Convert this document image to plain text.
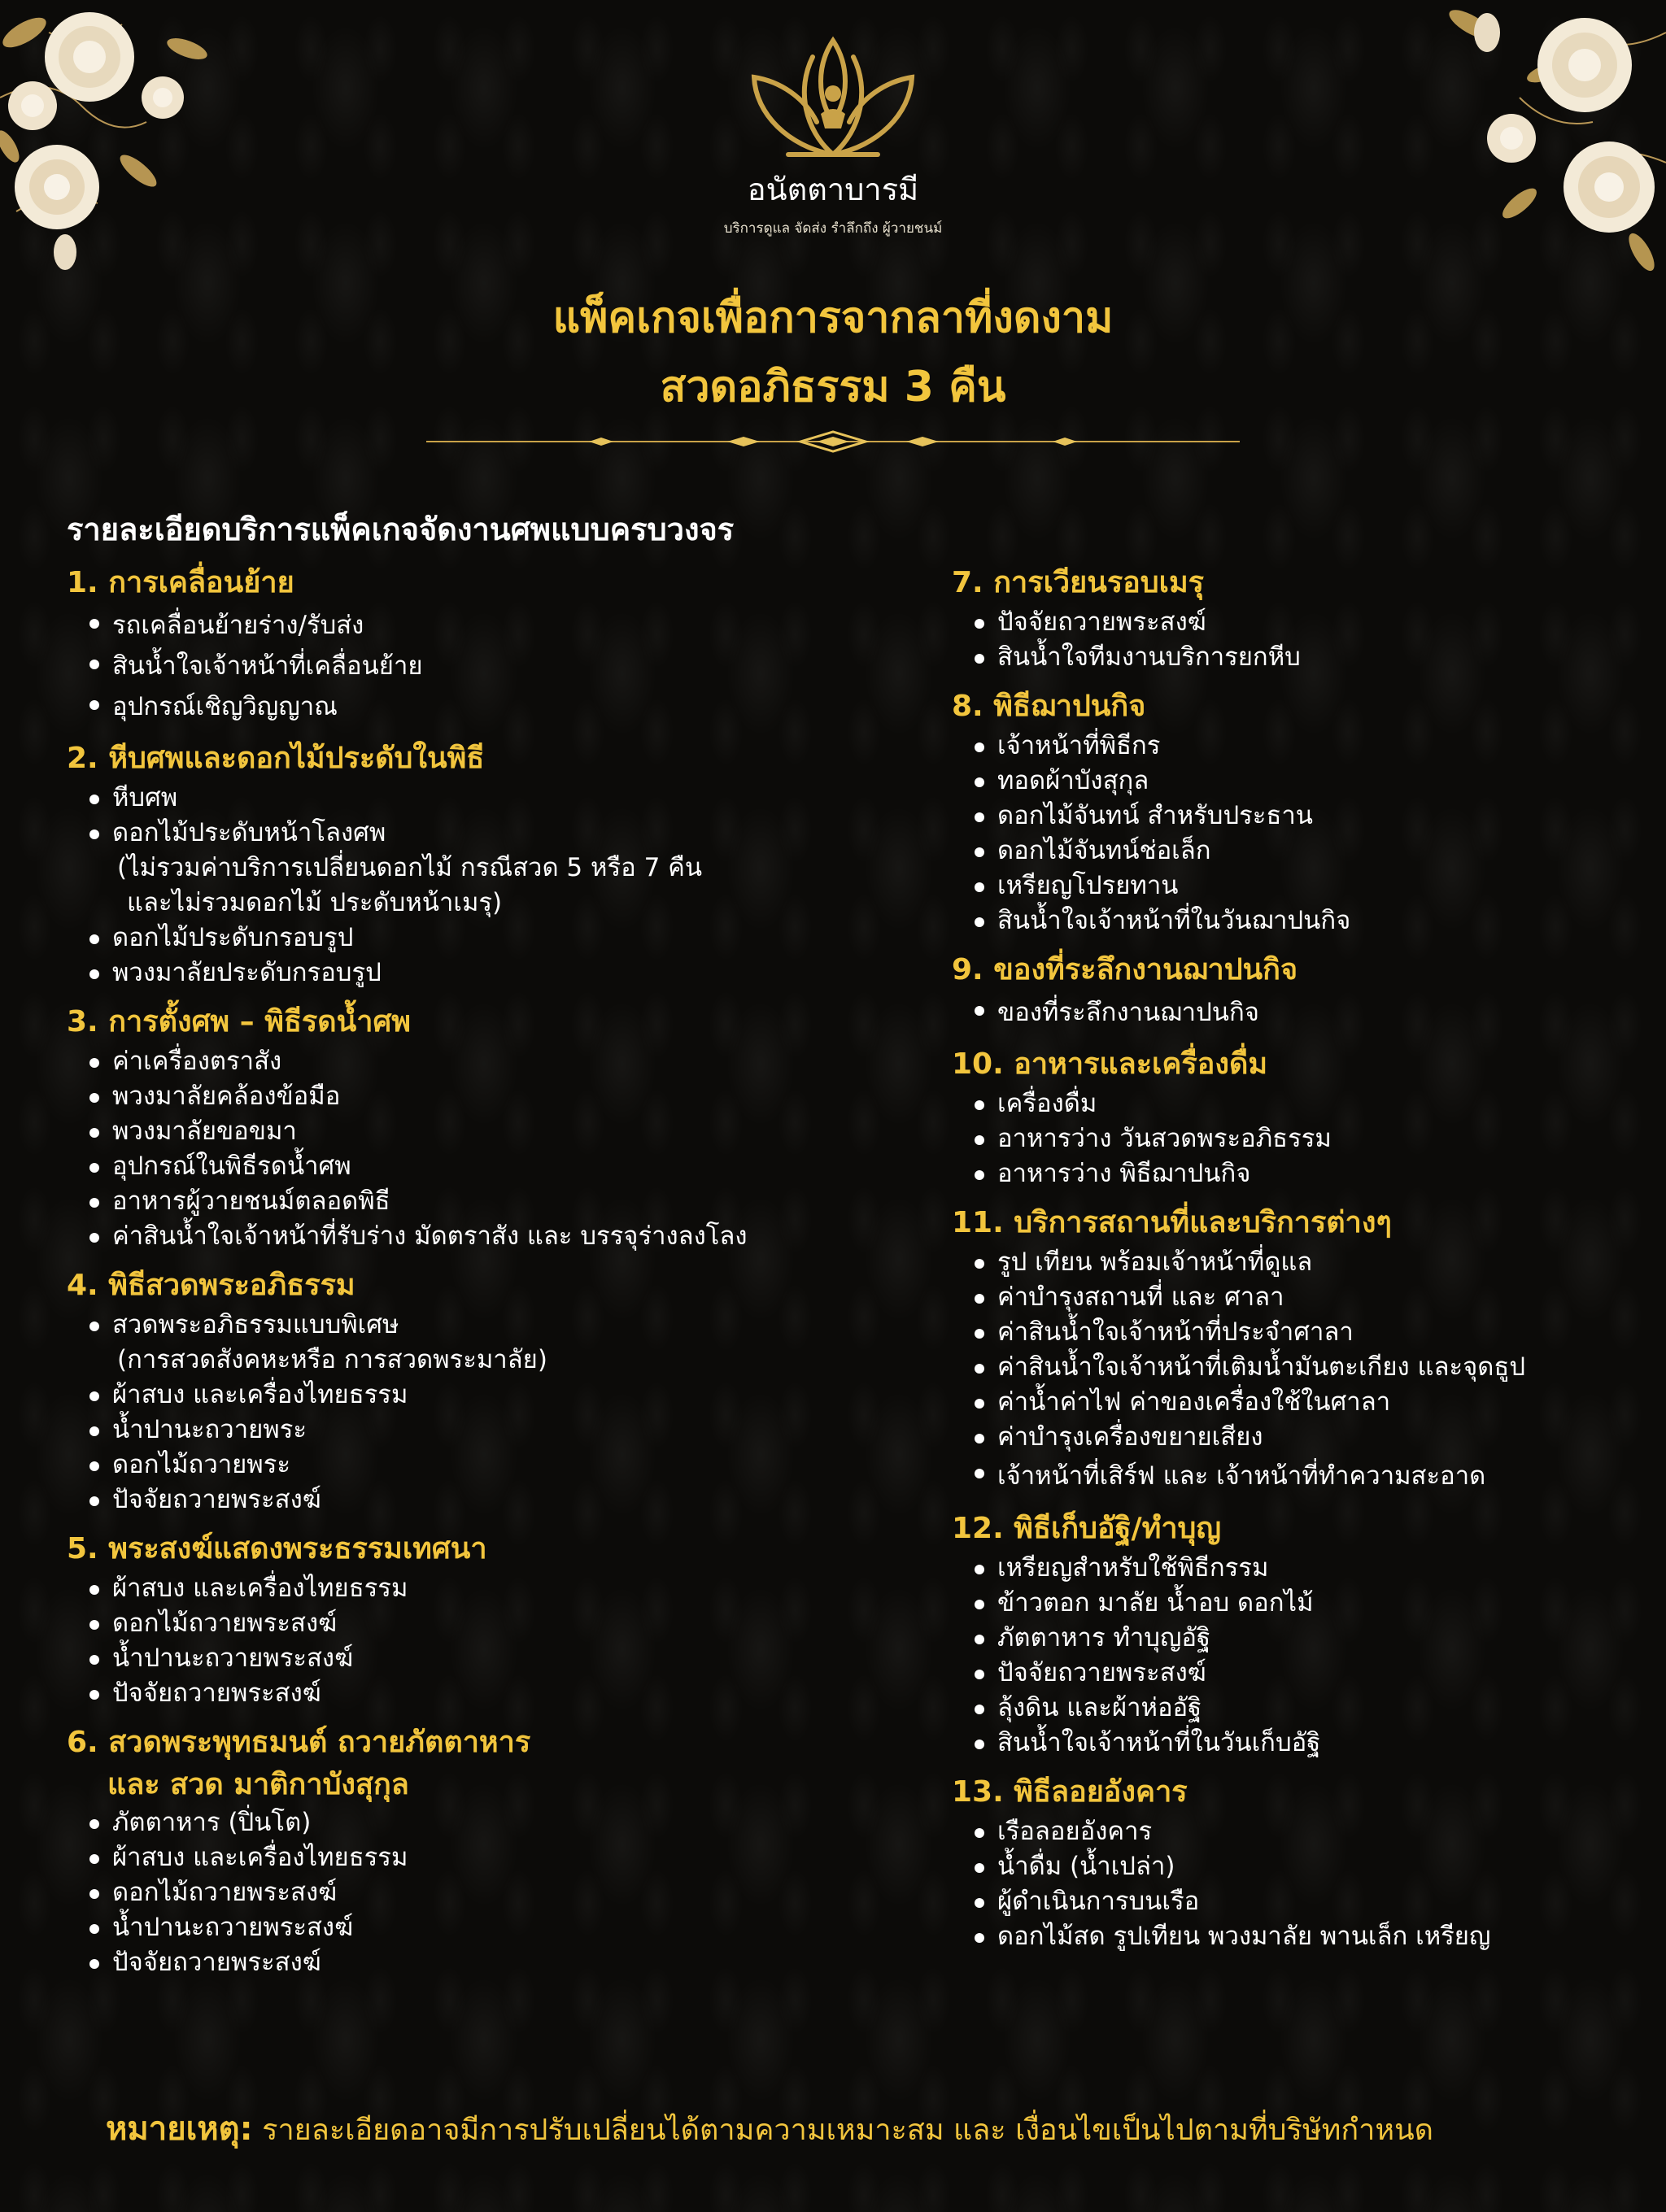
อนัตตาบารมี
บริการดูแล จัดส่ง รำลึกถึง ผู้วายชนม์
แพ็คเกจเพื่อการจากลาที่งดงาม
สวดอภิธรรม 3 คืน
รายละเอียดบริการแพ็คเกจจัดงานศพแบบครบวงจร
1. การเคลื่อนย้าย
รถเคลื่อนย้ายร่าง/รับส่ง
สินน้ำใจเจ้าหน้าที่เคลื่อนย้าย
อุปกรณ์เชิญวิญญาณ
2. หีบศพและดอกไม้ประดับในพิธี
หีบศพ
ดอกไม้ประดับหน้าโลงศพ
(ไม่รวมค่าบริการเปลี่ยนดอกไม้ กรณีสวด 5 หรือ 7 คืน
และไม่รวมดอกไม้ ประดับหน้าเมรุ)
ดอกไม้ประดับกรอบรูป
พวงมาลัยประดับกรอบรูป
3. การตั้งศพ – พิธีรดน้ำศพ
ค่าเครื่องตราสัง
พวงมาลัยคล้องข้อมือ
พวงมาลัยขอขมา
อุปกรณ์ในพิธีรดน้ำศพ
อาหารผู้วายชนม์ตลอดพิธี
ค่าสินน้ำใจเจ้าหน้าที่รับร่าง มัดตราสัง และ บรรจุร่างลงโลง
4. พิธีสวดพระอภิธรรม
สวดพระอภิธรรมแบบพิเศษ
(การสวดสังคหะหรือ การสวดพระมาลัย)
ผ้าสบง และเครื่องไทยธรรม
น้ำปานะถวายพระ
ดอกไม้ถวายพระ
ปัจจัยถวายพระสงฆ์
5. พระสงฆ์แสดงพระธรรมเทศนา
ผ้าสบง และเครื่องไทยธรรม
ดอกไม้ถวายพระสงฆ์
น้ำปานะถวายพระสงฆ์
ปัจจัยถวายพระสงฆ์
6. สวดพระพุทธมนต์ ถวายภัตตาหาร
และ สวด มาติกาบังสุกุล
ภัตตาหาร (ปิ่นโต)
ผ้าสบง และเครื่องไทยธรรม
ดอกไม้ถวายพระสงฆ์
น้ำปานะถวายพระสงฆ์
ปัจจัยถวายพระสงฆ์
7. การเวียนรอบเมรุ
ปัจจัยถวายพระสงฆ์
สินน้ำใจทีมงานบริการยกหีบ
8. พิธีฌาปนกิจ
เจ้าหน้าที่พิธีกร
ทอดผ้าบังสุกุล
ดอกไม้จันทน์ สำหรับประธาน
ดอกไม้จันทน์ช่อเล็ก
เหรียญโปรยทาน
สินน้ำใจเจ้าหน้าที่ในวันฌาปนกิจ
9. ของที่ระลึกงานฌาปนกิจ
ของที่ระลึกงานฌาปนกิจ
10. อาหารและเครื่องดื่ม
เครื่องดื่ม
อาหารว่าง วันสวดพระอภิธรรม
อาหารว่าง พิธีฌาปนกิจ
11. บริการสถานที่และบริการต่างๆ
รูป เทียน พร้อมเจ้าหน้าที่ดูแล
ค่าบำรุงสถานที่ และ ศาลา
ค่าสินน้ำใจเจ้าหน้าที่ประจำศาลา
ค่าสินน้ำใจเจ้าหน้าที่เติมน้ำมันตะเกียง และจุดธูป
ค่าน้ำค่าไฟ ค่าของเครื่องใช้ในศาลา
ค่าบำรุงเครื่องขยายเสียง
เจ้าหน้าที่เสิร์ฟ และ เจ้าหน้าที่ทำความสะอาด
12. พิธีเก็บอัฐิ/ทำบุญ
เหรียญสำหรับใช้พิธีกรรม
ข้าวตอก มาลัย น้ำอบ ดอกไม้
ภัตตาหาร ทำบุญอัฐิ
ปัจจัยถวายพระสงฆ์
ลุ้งดิน และผ้าห่ออัฐิ
สินน้ำใจเจ้าหน้าที่ในวันเก็บอัฐิ
13. พิธีลอยอังคาร
เรือลอยอังคาร
น้ำดื่ม (น้ำเปล่า)
ผู้ดำเนินการบนเรือ
ดอกไม้สด รูปเทียน พวงมาลัย พานเล็ก เหรียญ
หมายเหตุ: รายละเอียดอาจมีการปรับเปลี่ยนได้ตามความเหมาะสม และ เงื่อนไขเป็นไปตามที่บริษัทกำหนด
